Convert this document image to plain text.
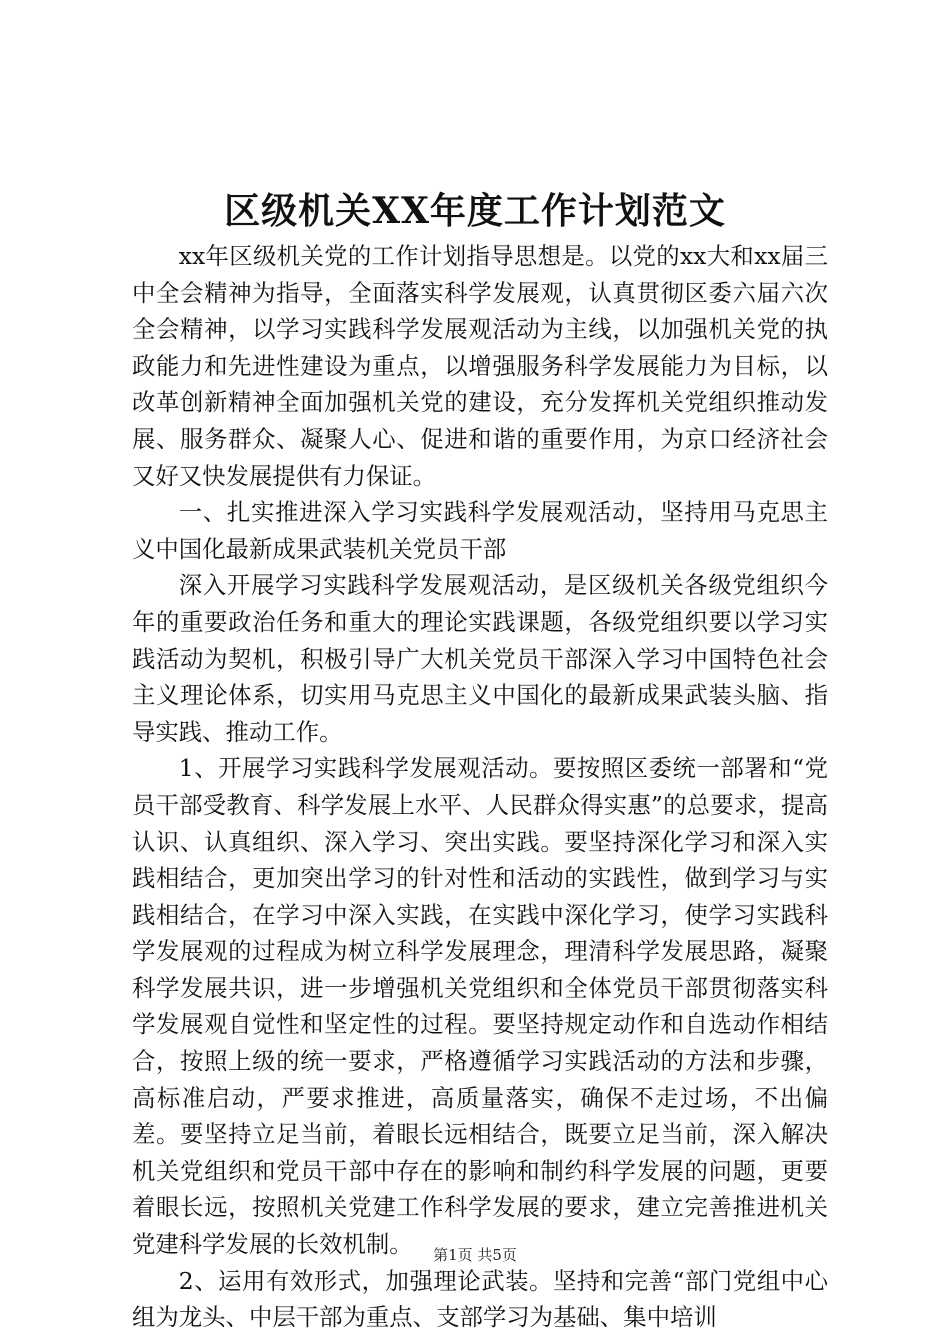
区级机关XX年度工作计划范文

xx年区级机关党的工作计划指导思想是。以党的xx大和xx届三中全会精神为指导，全面落实科学发展观，认真贯彻区委六届六次全会精神，以学习实践科学发展观活动为主线，以加强机关党的执政能力和先进性建设为重点，以增强服务科学发展能力为目标，以改革创新精神全面加强机关党的建设，充分发挥机关党组织推动发展、服务群众、凝聚人心、促进和谐的重要作用，为京口经济社会又好又快发展提供有力保证。

一、扎实推进深入学习实践科学发展观活动，坚持用马克思主义中国化最新成果武装机关党员干部

深入开展学习实践科学发展观活动，是区级机关各级党组织今年的重要政治任务和重大的理论实践课题，各级党组织要以学习实践活动为契机，积极引导广大机关党员干部深入学习中国特色社会主义理论体系，切实用马克思主义中国化的最新成果武装头脑、指导实践、推动工作。

1、开展学习实践科学发展观活动。要按照区委统一部署和“党员干部受教育、科学发展上水平、人民群众得实惠”的总要求，提高认识、认真组织、深入学习、突出实践。要坚持深化学习和深入实践相结合，更加突出学习的针对性和活动的实践性，做到学习与实践相结合，在学习中深入实践，在实践中深化学习，使学习实践科学发展观的过程成为树立科学发展理念，理清科学发展思路，凝聚科学发展共识，进一步增强机关党组织和全体党员干部贯彻落实科学发展观自觉性和坚定性的过程。要坚持规定动作和自选动作相结合，按照上级的统一要求，严格遵循学习实践活动的方法和步骤，高标准启动，严要求推进，高质量落实，确保不走过场，不出偏差。要坚持立足当前，着眼长远相结合，既要立足当前，深入解决机关党组织和党员干部中存在的影响和制约科学发展的问题，更要着眼长远，按照机关党建工作科学发展的要求，建立完善推进机关党建科学发展的长效机制。

2、运用有效形式，加强理论武装。坚持和完善“部门党组中心组为龙头、中层干部为重点、支部学习为基础、集中培训

第1页 共5页
